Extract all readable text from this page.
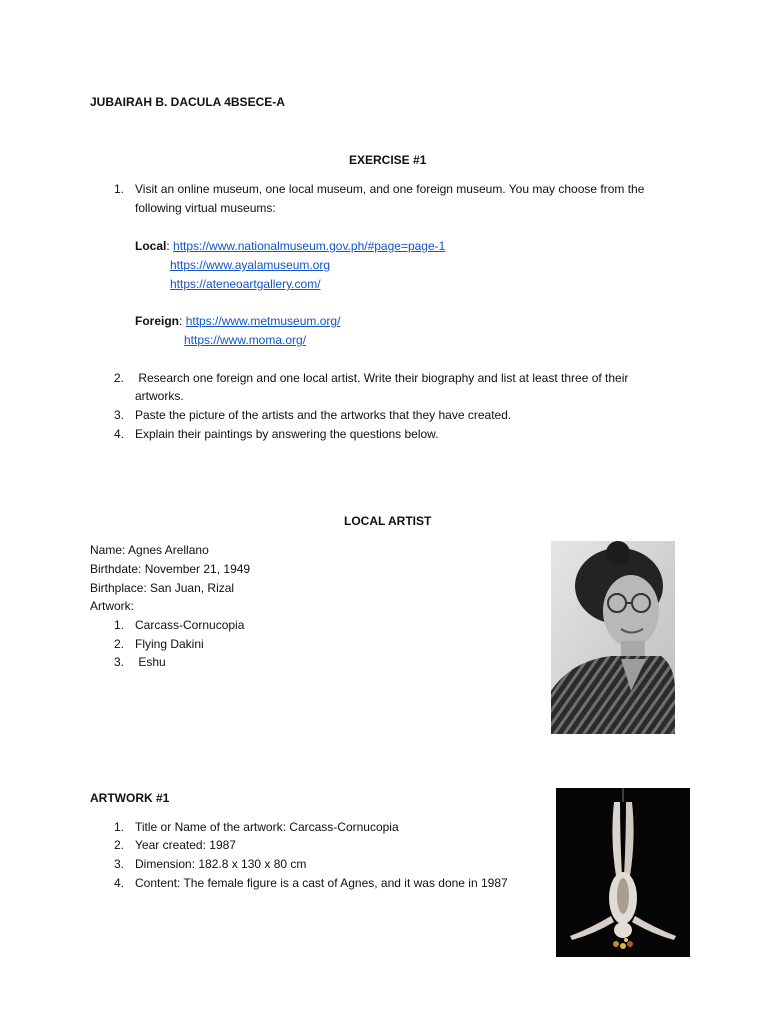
JUBAIRAH B. DACULA 4BSECE-A
EXERCISE #1
1. Visit an online museum, one local museum, and one foreign museum. You may choose from the
following virtual museums:
Local: https://www.nationalmuseum.gov.ph/#page=page-1
https://www.ayalamuseum.org
https://ateneoartgallery.com/
Foreign: https://www.metmuseum.org/
https://www.moma.org/
2. Research one foreign and one local artist. Write their biography and list at least three of their
artworks.
3. Paste the picture of the artists and the artworks that they have created.
4. Explain their paintings by answering the questions below.
LOCAL ARTIST
Name: Agnes Arellano
Birthdate: November 21, 1949
Birthplace: San Juan, Rizal
Artwork:
1. Carcass-Cornucopia
2. Flying Dakini
3. Eshu
ARTWORK #1
1. Title or Name of the artwork: Carcass-Cornucopia
2. Year created: 1987
3. Dimension: 182.8 x 130 x 80 cm
4. Content: The female figure is a cast of Agnes, and it was done in 1987
